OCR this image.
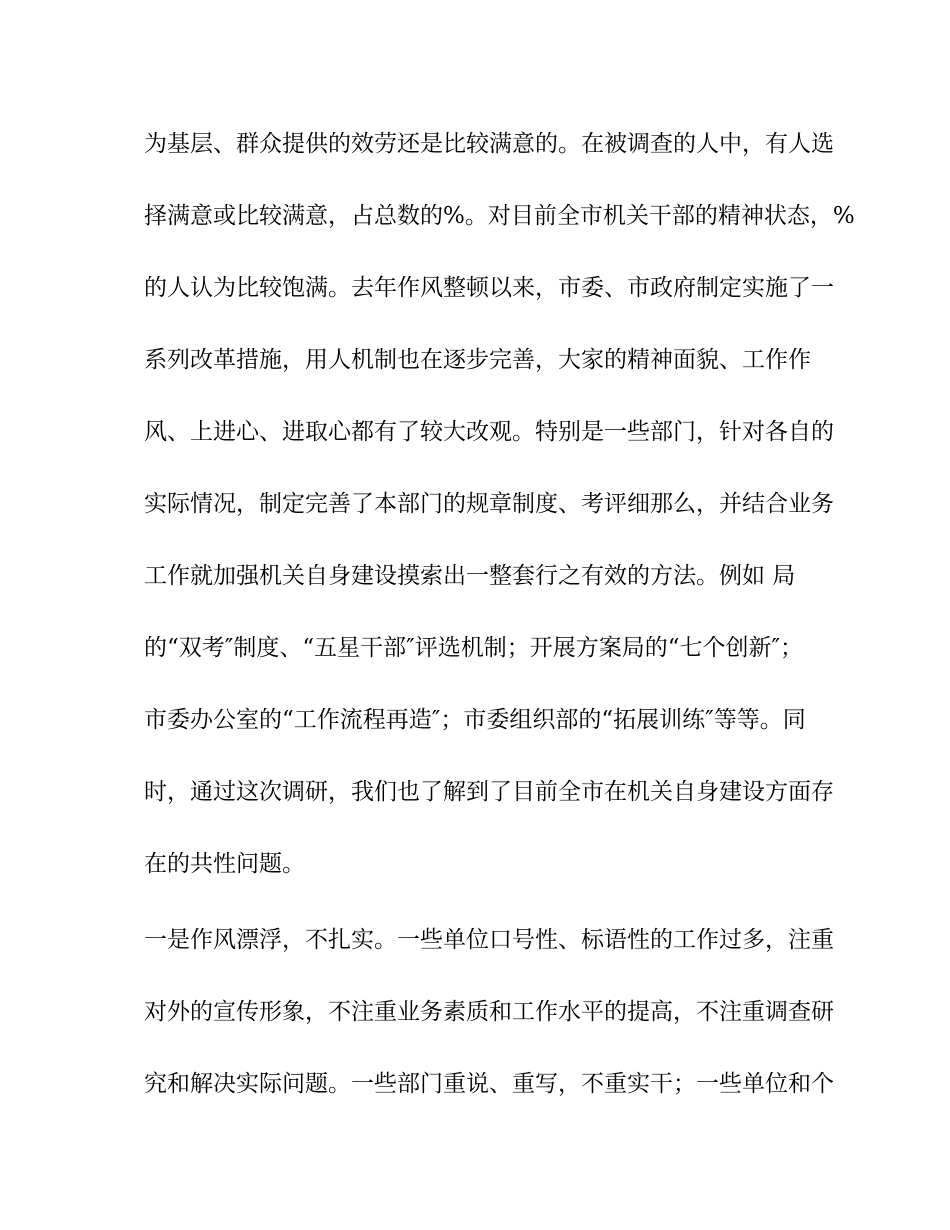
为基层、群众提供的效劳还是比较满意的。在被调查的人中，有人选
择满意或比较满意，占总数的%。对目前全市机关干部的精神状态，%
的人认为比较饱满。去年作风整顿以来，市委、市政府制定实施了一
系列改革措施，用人机制也在逐步完善，大家的精神面貌、工作作
风、上进心、进取心都有了较大改观。特别是一些部门，针对各自的
实际情况，制定完善了本部门的规章制度、考评细那么，并结合业务
工作就加强机关自身建设摸索出一整套行之有效的方法。例如 局
的“双考″制度、“五星干部″评选机制；开展方案局的“七个创新″；
市委办公室的“工作流程再造″；市委组织部的“拓展训练″等等。同
时，通过这次调研，我们也了解到了目前全市在机关自身建设方面存
在的共性问题。
一是作风漂浮，不扎实。一些单位口号性、标语性的工作过多，注重
对外的宣传形象，不注重业务素质和工作水平的提高，不注重调查研
究和解决实际问题。一些部门重说、重写，不重实干；一些单位和个
